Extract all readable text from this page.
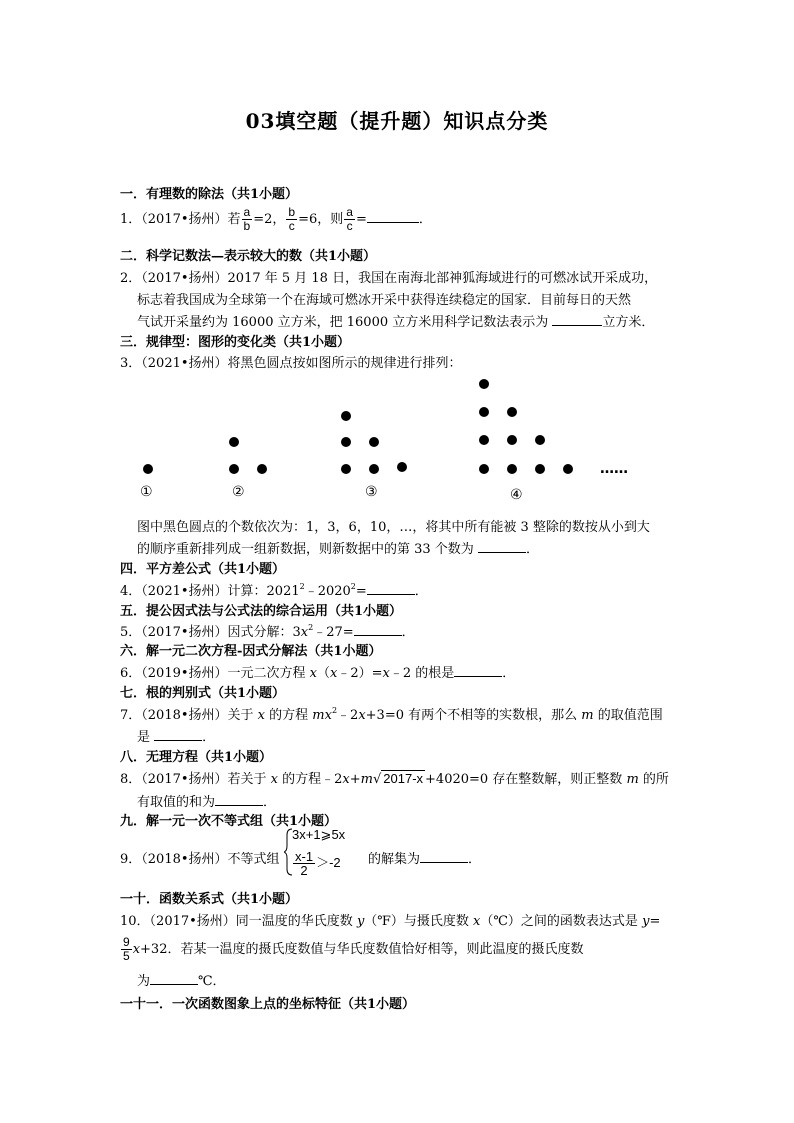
03填空题（提升题）知识点分类
一．有理数的除法（共1小题）
1．（2017•扬州）若 $\frac{a}{b} =2$， $\frac{b}{c} =6$，则 $\frac{a}{c}$ =	．
二．科学记数法—表示较大的数（共1小题）
2．（2017•扬州）2017 年 5 月 18 日，我国在南海北部神狐海域进行的可燃冰试开采成功，
标志着我国成为全球第一个在海域可燃冰开采中获得连续稳定的国家．目前每日的天然
气试开采量约为 16000 立方米，把 16000 立方米用科学记数法表示为	立方米．
三．规律型：图形的变化类（共1小题）
3．（2021•扬州）将黑色圆点按如图所示的规律进行排列：
……
①	②	③	④
图中黑色圆点的个数依次为：1，3，6，10，…，将其中所有能被 3 整除的数按从小到大
的顺序重新排列成一组新数据，则新数据中的第 33 个数为	．
四．平方差公式（共1小题）
4．（2021•扬州）计算：$2021^2﹣2020^2=$	．
五．提公因式法与公式法的综合运用（共1小题）
5．（2017•扬州）因式分解：$3x^2﹣27=$	．
六．解一元二次方程-因式分解法（共1小题）
6．（2019•扬州）一元二次方程 x（x﹣2）=x﹣2 的根是	．
七．根的判别式（共1小题）
7．（2018•扬州）关于 x 的方程 $mx^2﹣2x+3=0$ 有两个不相等的实数根，那么 m 的取值范围
是	．
八．无理方程（共1小题）
8．（2017•扬州）若关于 x 的方程﹣2x+m√ 2017-x +4020=0 存在整数解，则正整数 m 的所
有取值的和为	．
九．解一元一次不等式组（共1小题）
9．（2018•扬州）不等式组
3x+1⩾5x
$\frac{x-1}{2} >-2$ 的解集为	．
一十．函数关系式（共1小题）
10．（2017•扬州）同一温度的华氏度数 y（℉）与摄氏度数 x（℃）之间的函数表达式是 y=
$\frac{9}{5} x+32$．若某一温度的摄氏度数值与华氏度数值恰好相等，则此温度的摄氏度数
为	℃．
一十一．一次函数图象上点的坐标特征（共1小题）
